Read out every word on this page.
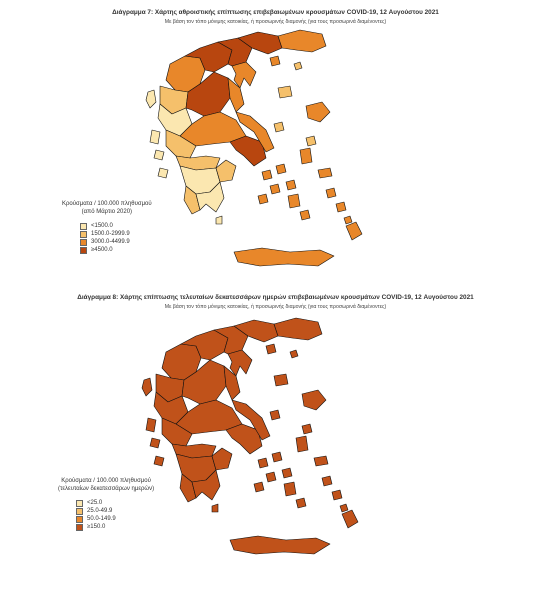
Διάγραμμα 7: Χάρτης αθροιστικής επίπτωσης επιβεβαιωμένων κρουσμάτων COVID-19, 12 Αυγούστου 2021
Με βάση τον τόπο μόνιμης κατοικίας, ή προσωρινής διαμονής (για τους προσωρινά διαμένοντες)
Κρούσματα / 100.000 πληθυσμού
(από Μάρτιο 2020)
<1500.0
1500.0-2999.9
3000.0-4499.9
≥4500.0
Διάγραμμα 8: Χάρτης επίπτωσης τελευταίων δεκατεσσάρων ημερών επιβεβαιωμένων κρουσμάτων COVID-19, 12 Αυγούστου 2021
Με βάση τον τόπο μόνιμης κατοικίας, ή προσωρινής διαμονής (για τους προσωρινά διαμένοντες)
Κρούσματα / 100.000 πληθυσμού
(τελευταίων δεκατεσσάρων ημερών)
<25.0
25.0-49.9
50.0-149.9
≥150.0
